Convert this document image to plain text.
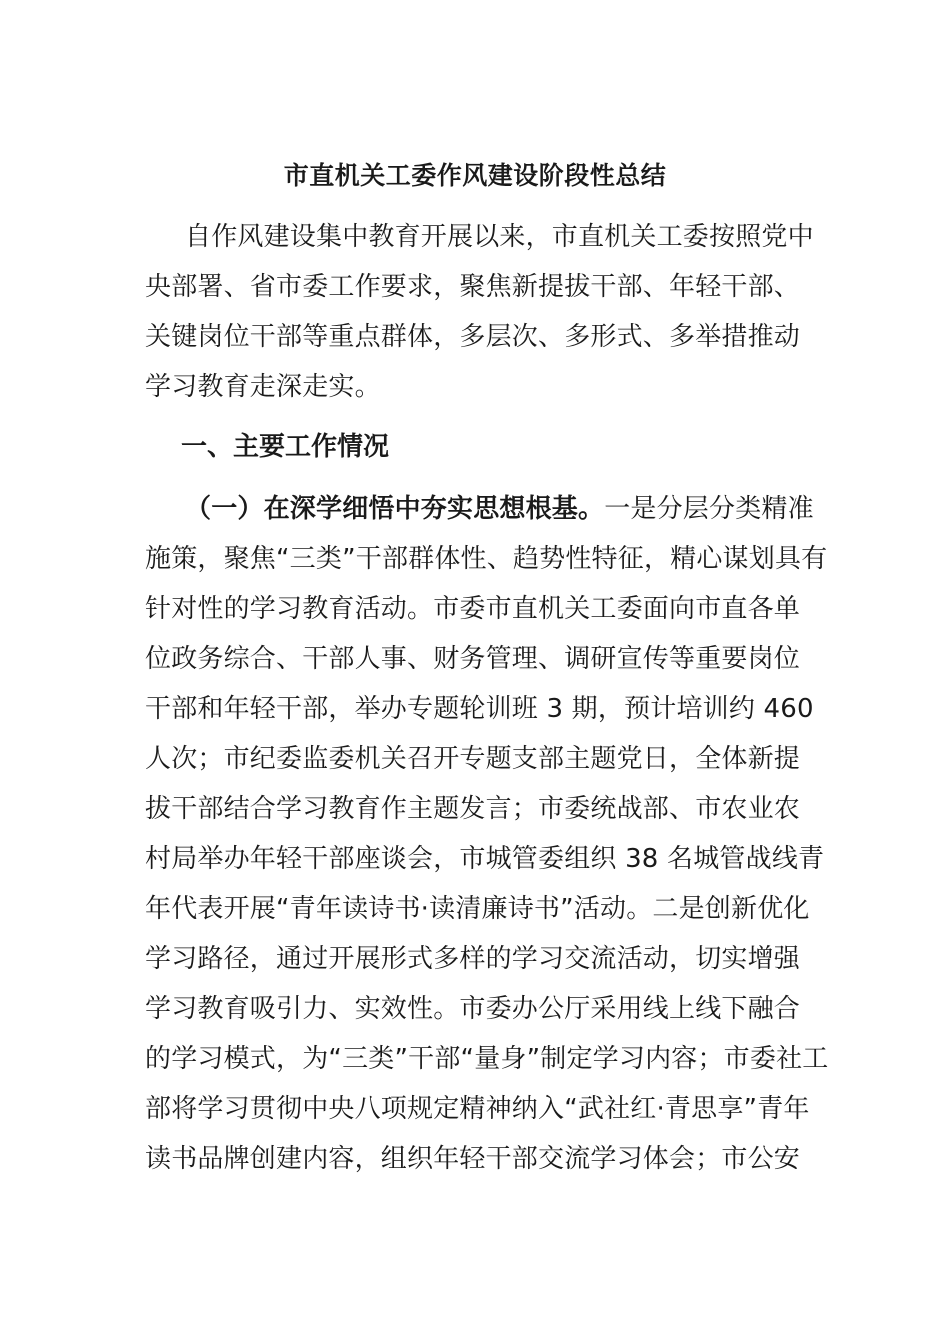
市直机关工委作风建设阶段性总结
自作风建设集中教育开展以来，市直机关工委按照党中
央部署、省市委工作要求，聚焦新提拔干部、年轻干部、
关键岗位干部等重点群体，多层次、多形式、多举措推动
学习教育走深走实。
一、主要工作情况
（一）在深学细悟中夯实思想根基。一是分层分类精准
施策，聚焦“三类”干部群体性、趋势性特征，精心谋划具有
针对性的学习教育活动。市委市直机关工委面向市直各单
位政务综合、干部人事、财务管理、调研宣传等重要岗位
干部和年轻干部，举办专题轮训班 3 期，预计培训约 460
人次；市纪委监委机关召开专题支部主题党日，全体新提
拔干部结合学习教育作主题发言；市委统战部、市农业农
村局举办年轻干部座谈会，市城管委组织 38 名城管战线青
年代表开展“青年读诗书·读清廉诗书”活动。二是创新优化
学习路径，通过开展形式多样的学习交流活动，切实增强
学习教育吸引力、实效性。市委办公厅采用线上线下融合
的学习模式，为“三类”干部“量身”制定学习内容；市委社工
部将学习贯彻中央八项规定精神纳入“武社红·青思享”青年
读书品牌创建内容，组织年轻干部交流学习体会；市公安
